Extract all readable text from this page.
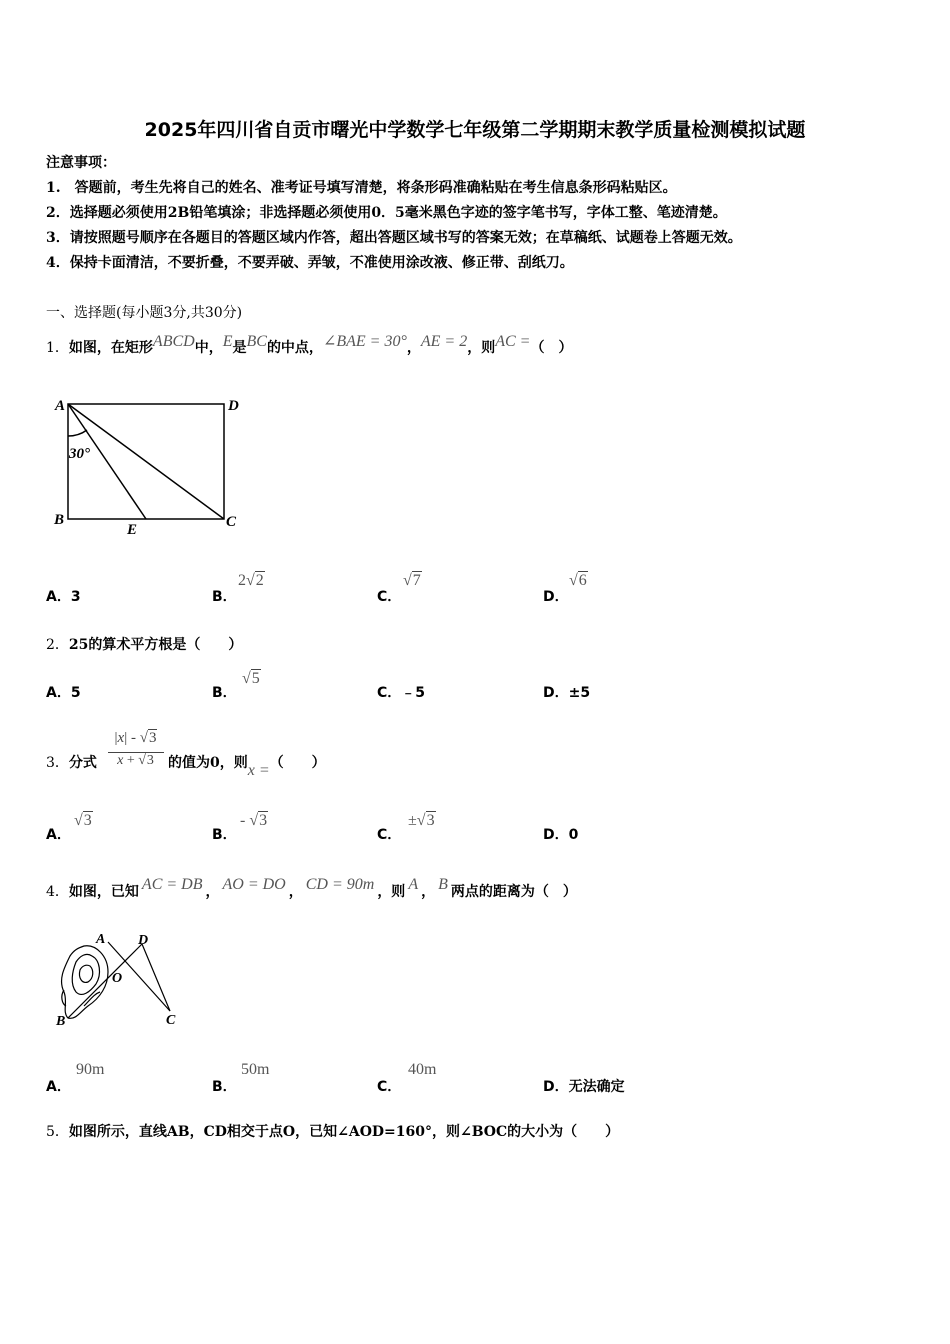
2025年四川省自贡市曙光中学数学七年级第二学期期末教学质量检测模拟试题
注意事项：
1.　答题前，考生先将自己的姓名、准考证号填写清楚，将条形码准确粘贴在考生信息条形码粘贴区。
2．选择题必须使用2B铅笔填涂；非选择题必须使用0．5毫米黑色字迹的签字笔书写，字体工整、笔迹清楚。
3．请按照题号顺序在各题目的答题区域内作答，超出答题区域书写的答案无效；在草稿纸、试题卷上答题无效。
4．保持卡面清洁，不要折叠，不要弄破、弄皱，不准使用涂改液、修正带、刮纸刀。
一、选择题(每小题3分,共30分)
1．如图，在矩形ABCD中，E是BC的中点，∠BAE = 30°，AE = 2，则AC =（　）
A	D
B	C
E
30°
A．3	B．
2√2
C．
√7
D．
√6
2．25的算术平方根是（　　）
A．5	B．
√5
C．﹣5	D．±5
3．分式 $\frac{|x| - √3}{x + √3}$ 的值为0，则x =（　　）
A．
√3
B．
- √3
C．
±√3
D．0
4．如图，已知 AC = DB ， AO = DO ， CD = 90m ，则 A ， B 两点的距离为（　）
A D
O
B	C
A．
90m
B．
50m
C．
40m
D．无法确定
5．如图所示，直线AB，CD相交于点O，已知∠AOD=160°，则∠BOC的大小为（　　）
